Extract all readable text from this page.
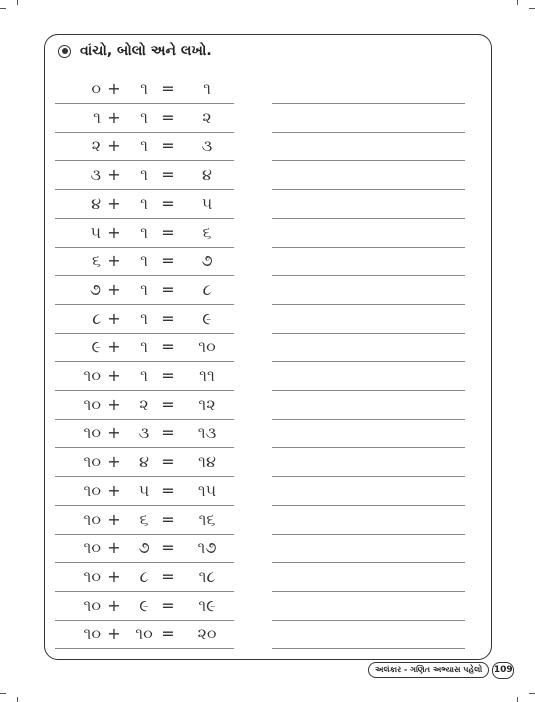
વાંચો, બોલો અને લખો.
૦ +	૧ =	૧
૧ +	૧ =	૨
૨ +	૧ =	૩
૩ +	૧ =	૪
૪ +	૧ =	૫
૫ +	૧ =	૬
૬ +	૧ =	૭
૭ +	૧ =	૮
૮ +	૧ =	૯
૯ +	૧ =	૧૦
૧૦ +	૧ =	૧૧
૧૦ +	૨ =	૧૨
૧૦ +	૩ =	૧૩
૧૦ +	૪ =	૧૪
૧૦ +	૫ =	૧૫
૧૦ +	૬ =	૧૬
૧૦ +	૭ =	૧૭
૧૦ +	૮ =	૧૮
૧૦ +	૯ =	૧૯
૧૦ + ૧૦ =	૨૦
અલંકાર - ગણિત અભ્યાસ પહેલો 109
